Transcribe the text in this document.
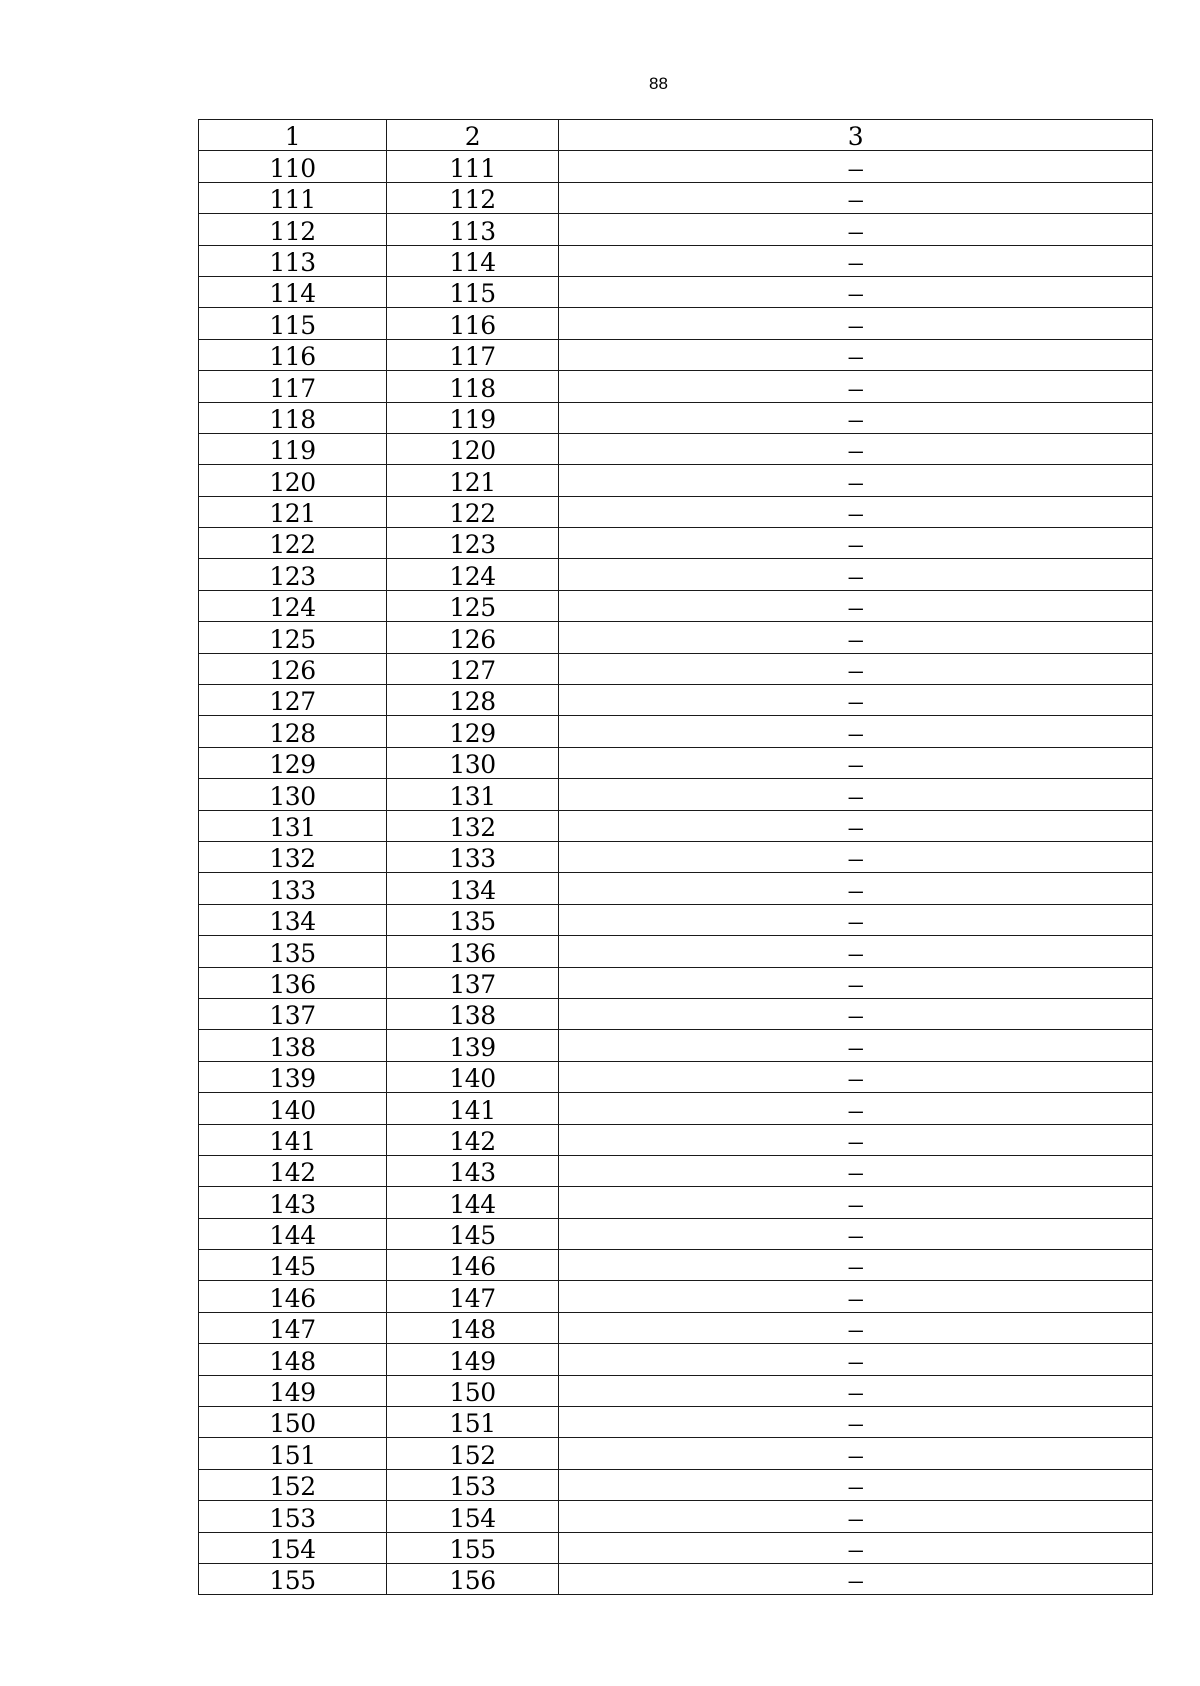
88
1	2	3
110	111	–
111	112	–
112	113	–
113	114	–
114	115	–
115	116	–
116	117	–
117	118	–
118	119	–
119	120	–
120	121	–
121	122	–
122	123	–
123	124	–
124	125	–
125	126	–
126	127	–
127	128	–
128	129	–
129	130	–
130	131	–
131	132	–
132	133	–
133	134	–
134	135	–
135	136	–
136	137	–
137	138	–
138	139	–
139	140	–
140	141	–
141	142	–
142	143	–
143	144	–
144	145	–
145	146	–
146	147	–
147	148	–
148	149	–
149	150	–
150	151	–
151	152	–
152	153	–
153	154	–
154	155	–
155	156	–
